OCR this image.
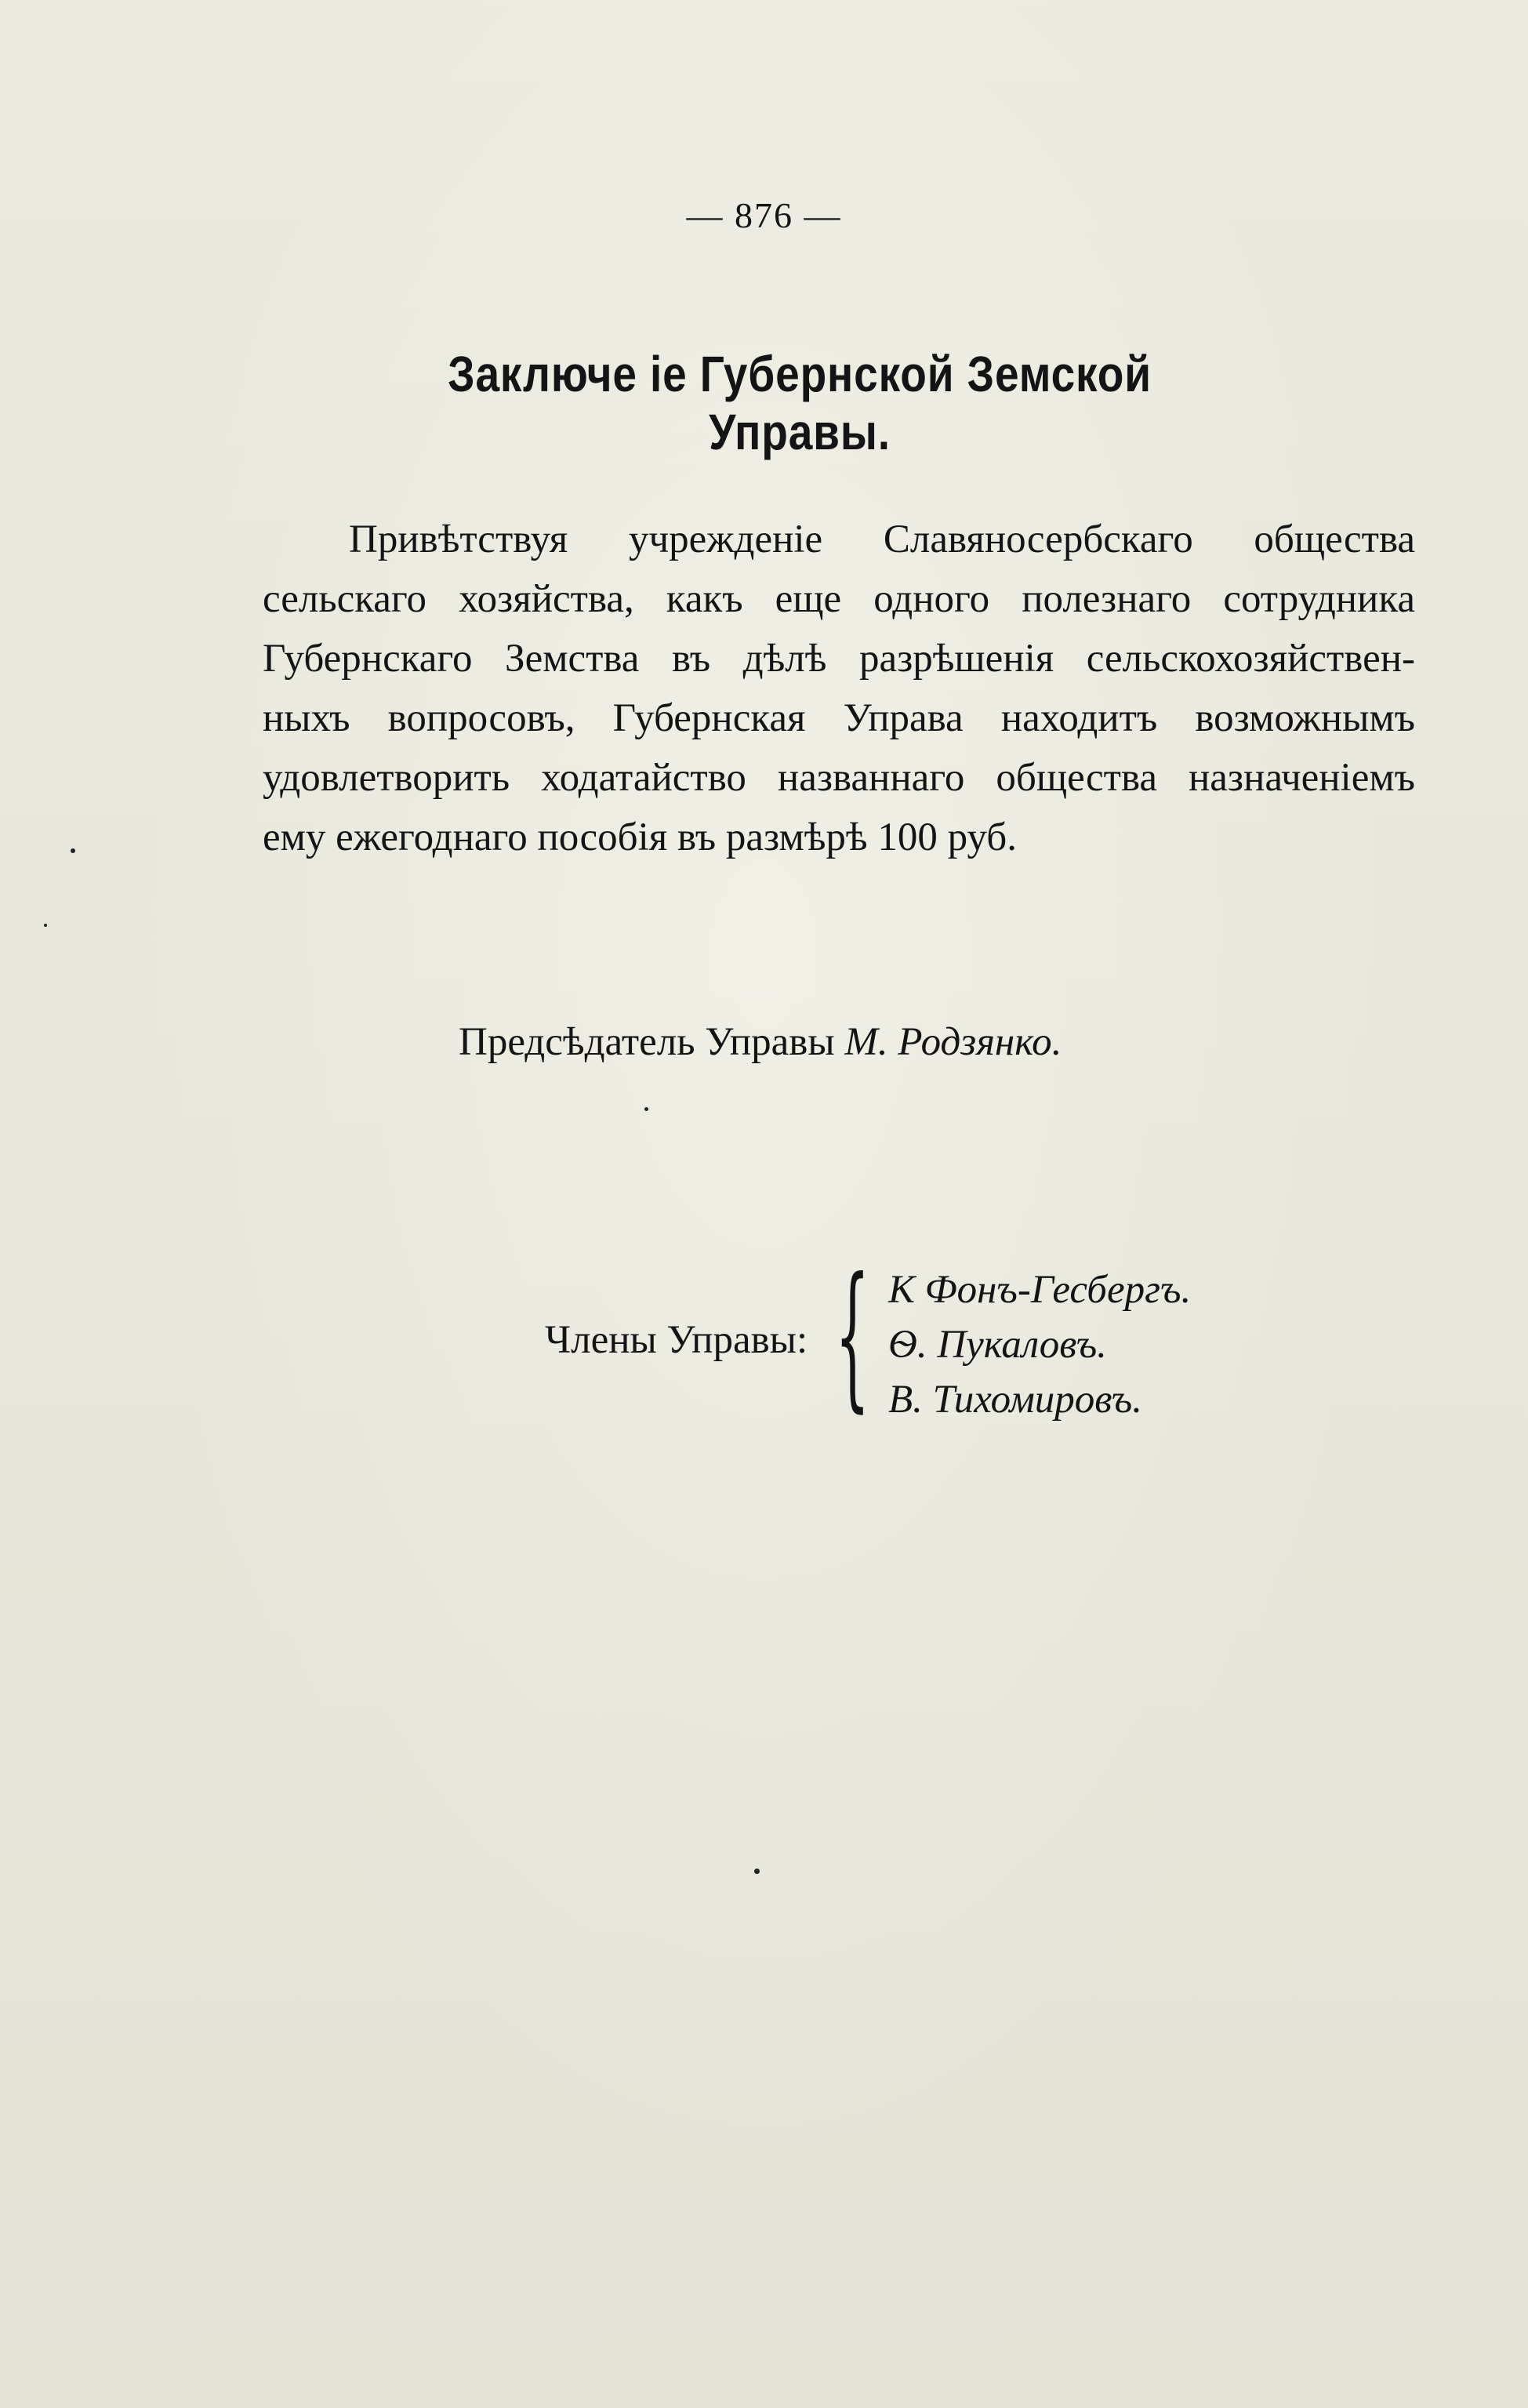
— 876 —
Заключе іе Губернской Земской Управы.
Привѣтствуя учрежденіе Славяносербскаго общества
сельскаго хозяйства, какъ еще одного полезнаго сотрудника
Губернскаго Земства въ дѣлѣ разрѣшенія сельскохозяйствен-
ныхъ вопросовъ, Губернская Управа находитъ возможнымъ
удовлетворить ходатайство названнаго общества назначеніемъ
ему ежегоднаго пособія въ размѣрѣ 100 руб.
Предсѣдатель Управы М. Родзянко.
Члены Управы: { К Фонъ-Гесбергъ.
Ѳ. Пукаловъ.
В. Тихомировъ.
